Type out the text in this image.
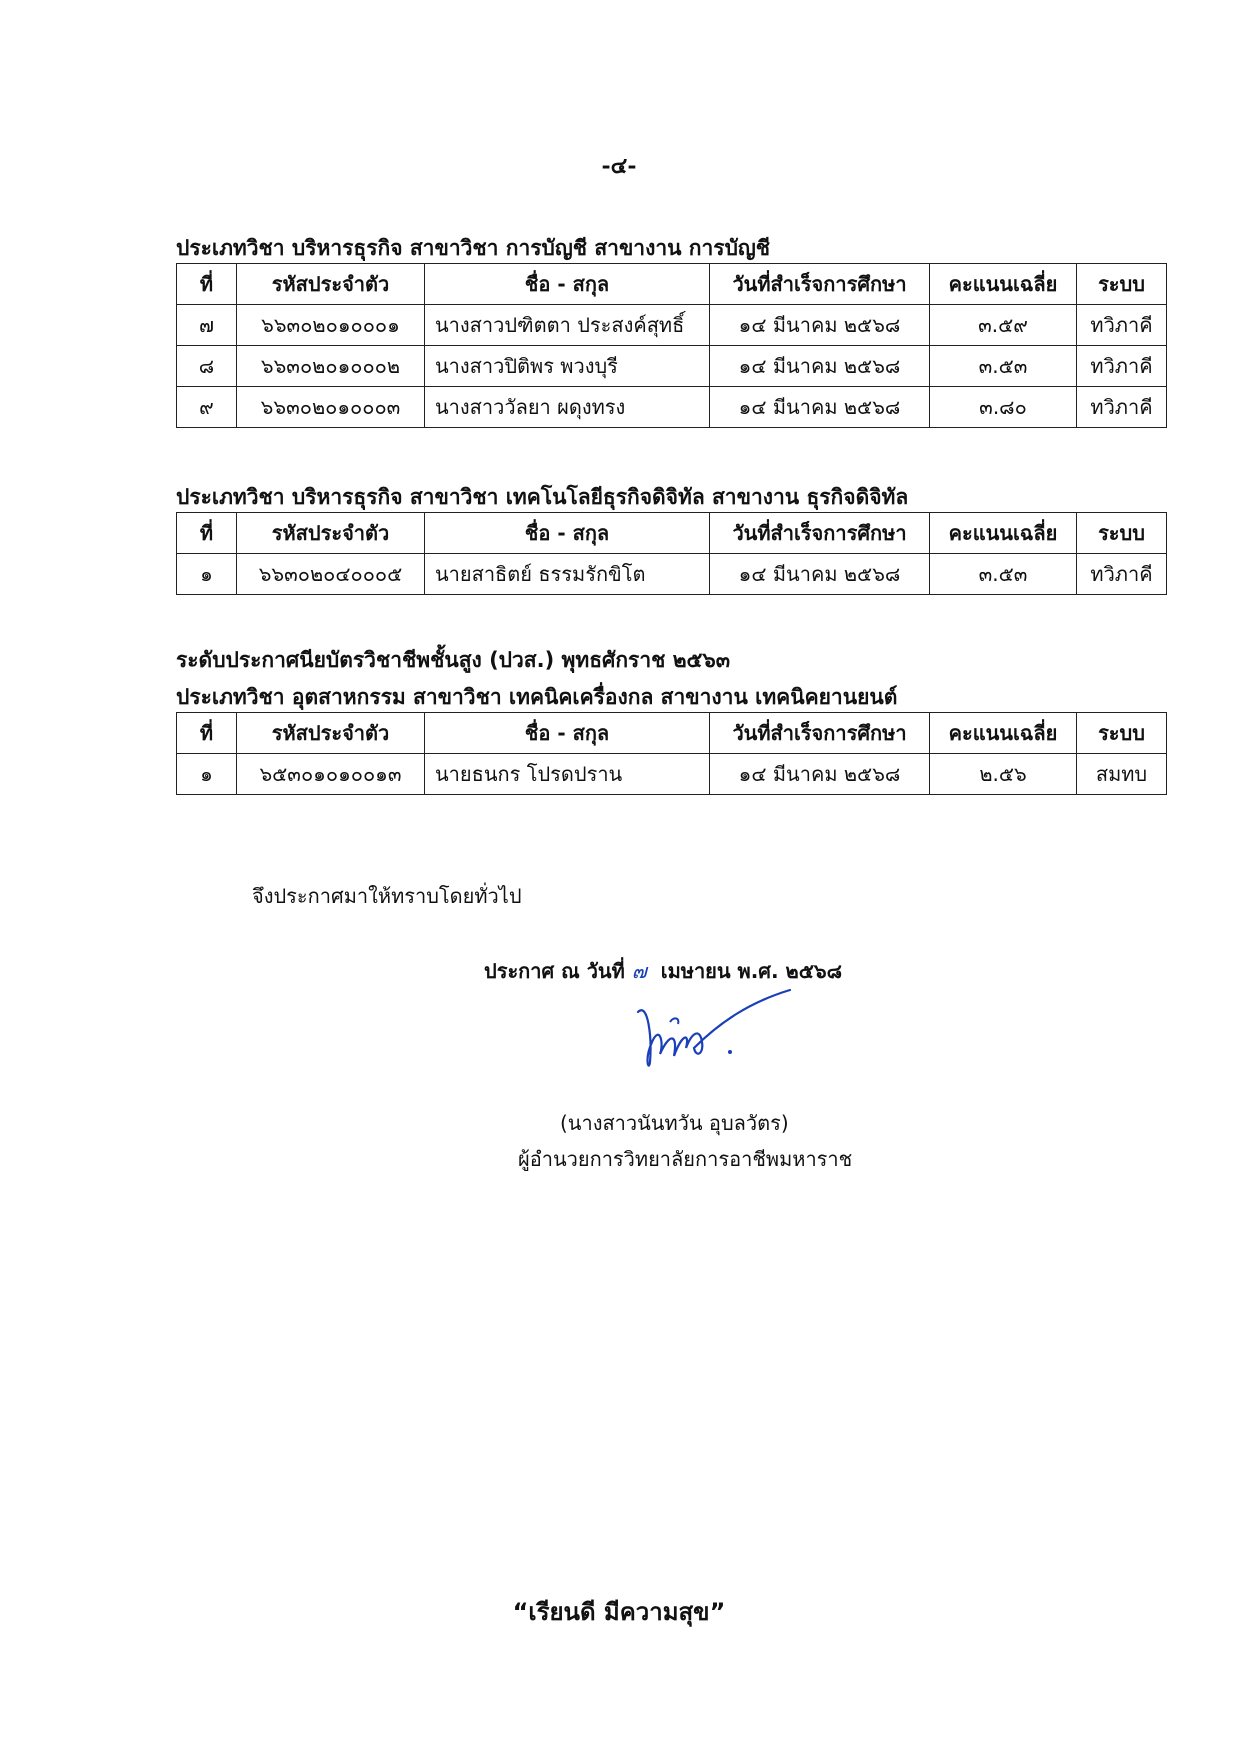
-๔-
ประเภทวิชา บริหารธุรกิจ สาขาวิชา การบัญชี สาขางาน การบัญชี
ที่	รหัสประจำตัว	ชื่อ - สกุล	วันที่สำเร็จการศึกษา	คะแนนเฉลี่ย	ระบบ
๗	๖๖๓๐๒๐๑๐๐๐๑	นางสาวปฑิตตา ประสงค์สุทธิ์	๑๔ มีนาคม ๒๕๖๘	๓.๕๙	ทวิภาคี
๘	๖๖๓๐๒๐๑๐๐๐๒	นางสาวปิติพร พวงบุรี	๑๔ มีนาคม ๒๕๖๘	๓.๕๓	ทวิภาคี
๙	๖๖๓๐๒๐๑๐๐๐๓	นางสาววัลยา ผดุงทรง	๑๔ มีนาคม ๒๕๖๘	๓.๘๐	ทวิภาคี
ประเภทวิชา บริหารธุรกิจ สาขาวิชา เทคโนโลยีธุรกิจดิจิทัล สาขางาน ธุรกิจดิจิทัล
ที่	รหัสประจำตัว	ชื่อ - สกุล	วันที่สำเร็จการศึกษา	คะแนนเฉลี่ย	ระบบ
๑	๖๖๓๐๒๐๔๐๐๐๕	นายสาธิตย์ ธรรมรักขิโต	๑๔ มีนาคม ๒๕๖๘	๓.๕๓	ทวิภาคี
ระดับประกาศนียบัตรวิชาชีพชั้นสูง (ปวส.) พุทธศักราช ๒๕๖๓
ประเภทวิชา อุตสาหกรรม สาขาวิชา เทคนิคเครื่องกล สาขางาน เทคนิคยานยนต์
ที่	รหัสประจำตัว	ชื่อ - สกุล	วันที่สำเร็จการศึกษา	คะแนนเฉลี่ย	ระบบ
๑	๖๕๓๐๑๐๑๐๐๑๓	นายธนกร โปรดปราน	๑๔ มีนาคม ๒๕๖๘	๒.๕๖	สมทบ
จึงประกาศมาให้ทราบโดยทั่วไป
ประกาศ ณ วันที่ ๗ เมษายน พ.ศ. ๒๕๖๘
(นางสาวนันทวัน อุบลวัตร)
ผู้อำนวยการวิทยาลัยการอาชีพมหาราช
“เรียนดี มีความสุข”
